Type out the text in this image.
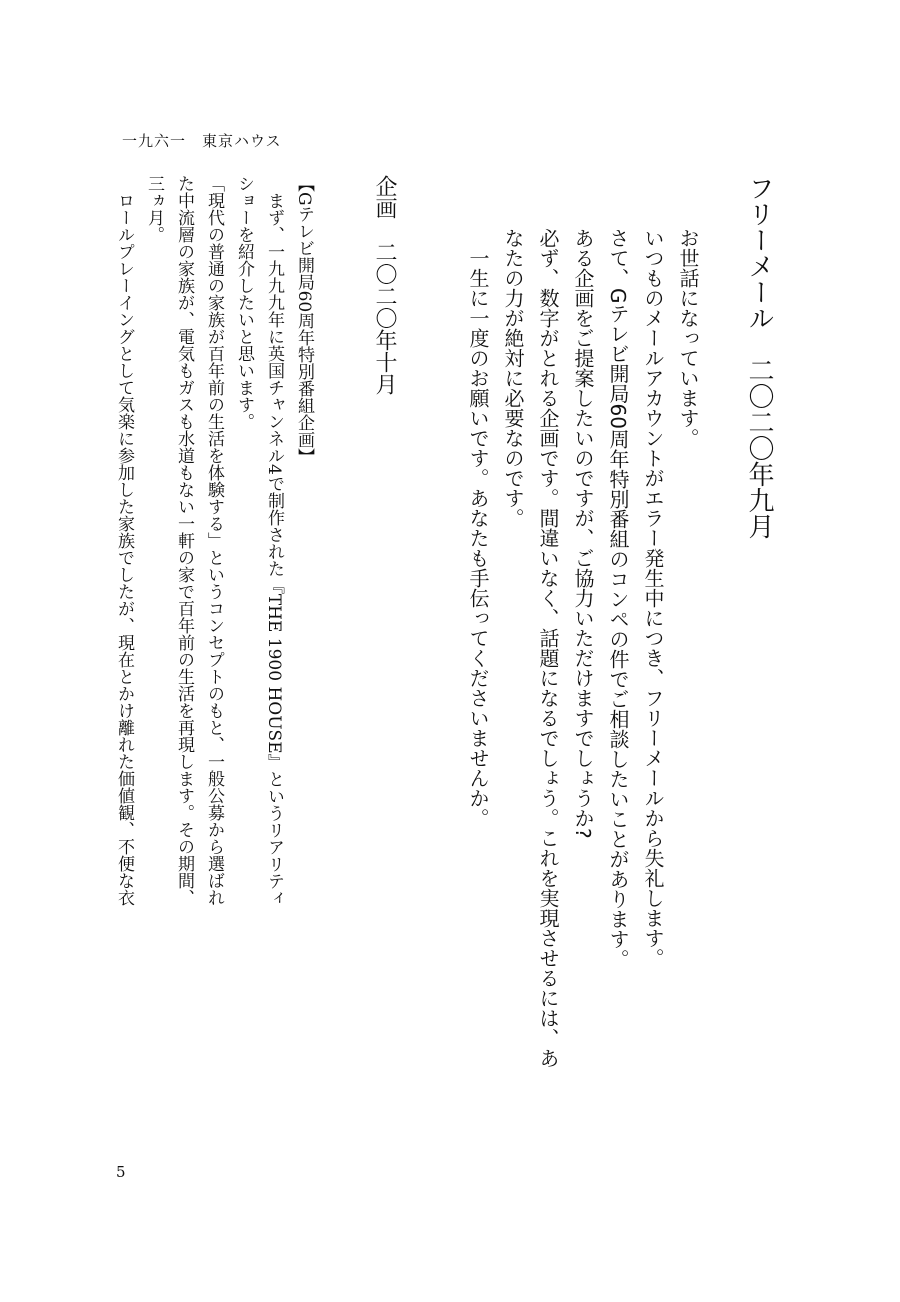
一九六一　東京ハウス
フリーメール　二〇二〇年九月
お世話になっています。
いつものメールアカウントがエラー発生中につき、フリーメールから失礼します。
さて、Gテレビ開局60周年特別番組のコンペの件でご相談したいことがあります。
ある企画をご提案したいのですが、ご協力いただけますでしょうか?
必ず、数字がとれる企画です。間違いなく、話題になるでしょう。これを実現させるには、あ
なたの力が絶対に必要なのです。
　一生に一度のお願いです。あなたも手伝ってくださいませんか。
企画　二〇二〇年十月
【Gテレビ開局60周年特別番組企画】
　まず、一九九九年に英国チャンネル4で制作された『THE 1900 HOUSE』というリアリティ
ショーを紹介したいと思います。
「現代の普通の家族が百年前の生活を体験する」というコンセプトのもと、一般公募から選ばれ
た中流層の家族が、電気もガスも水道もない一軒の家で百年前の生活を再現します。その期間、
三ヵ月。
　ロールプレーイングとして気楽に参加した家族でしたが、現在とかけ離れた価値観、不便な衣
5
